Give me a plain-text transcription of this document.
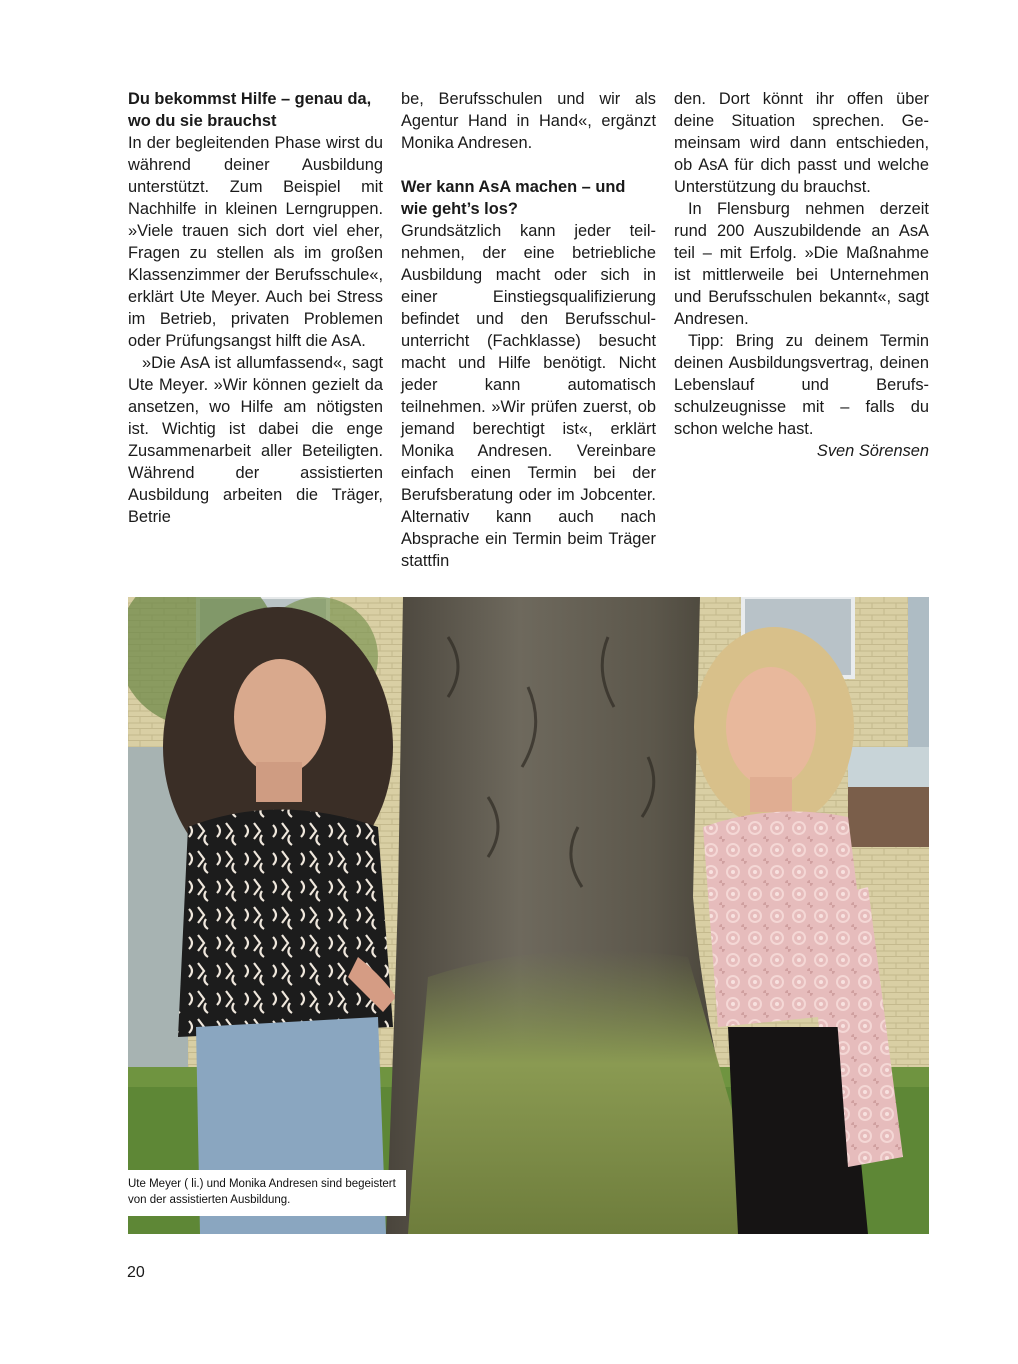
Du bekommst Hilfe – genau da, wo du sie brauchst

In der begleitenden Phase wirst du während deiner Ausbildung unterstützt. Zum Beispiel mit Nachhilfe in kleinen Lerngruppen. »Viele trauen sich dort viel eher, Fragen zu stellen als im großen Klassenzimmer der Berufsschule«, erklärt Ute Meyer. Auch bei Stress im Betrieb, privaten Problemen oder Prüfungsangst hilft die AsA.

»Die AsA ist allumfassend«, sagt Ute Meyer. »Wir können gezielt da ansetzen, wo Hilfe am nötigsten ist. Wichtig ist dabei die enge Zusammenarbeit aller Beteiligten. Während der assistierten Ausbildung arbeiten die Träger, Betrie

be, Berufsschulen und wir als Agentur Hand in Hand«, ergänzt Monika Andresen.

Wer kann AsA machen – und wie geht’s los?

Grundsätzlich kann jeder teilnehmen, der eine betriebliche Ausbildung macht oder sich in einer Einstiegsqualifizierung befindet und den Berufsschulunterricht (Fachklasse) besucht macht und Hilfe benötigt. Nicht jeder kann automatisch teilnehmen. »Wir prüfen zuerst, ob jemand berechtigt ist«, erklärt Monika Andresen. Vereinbare einfach einen Termin bei der Berufsberatung oder im Jobcenter. Alternativ kann auch nach Absprache ein Termin beim Träger stattfin

den. Dort könnt ihr offen über deine Situation sprechen. Gemeinsam wird dann entschieden, ob AsA für dich passt und welche Unterstützung du brauchst.

In Flensburg nehmen derzeit rund 200 Auszubildende an AsA teil – mit Erfolg. »Die Maßnahme ist mittlerweile bei Unternehmen und Berufsschulen bekannt«, sagt Andresen.

Tipp: Bring zu deinem Termin deinen Ausbildungsvertrag, deinen Lebenslauf und Berufsschulzeugnisse mit – falls du schon welche hast.

Sven Sörensen

Ute Meyer ( li.) und Monika Andresen sind begeistert von der assistierten Ausbildung.
20
